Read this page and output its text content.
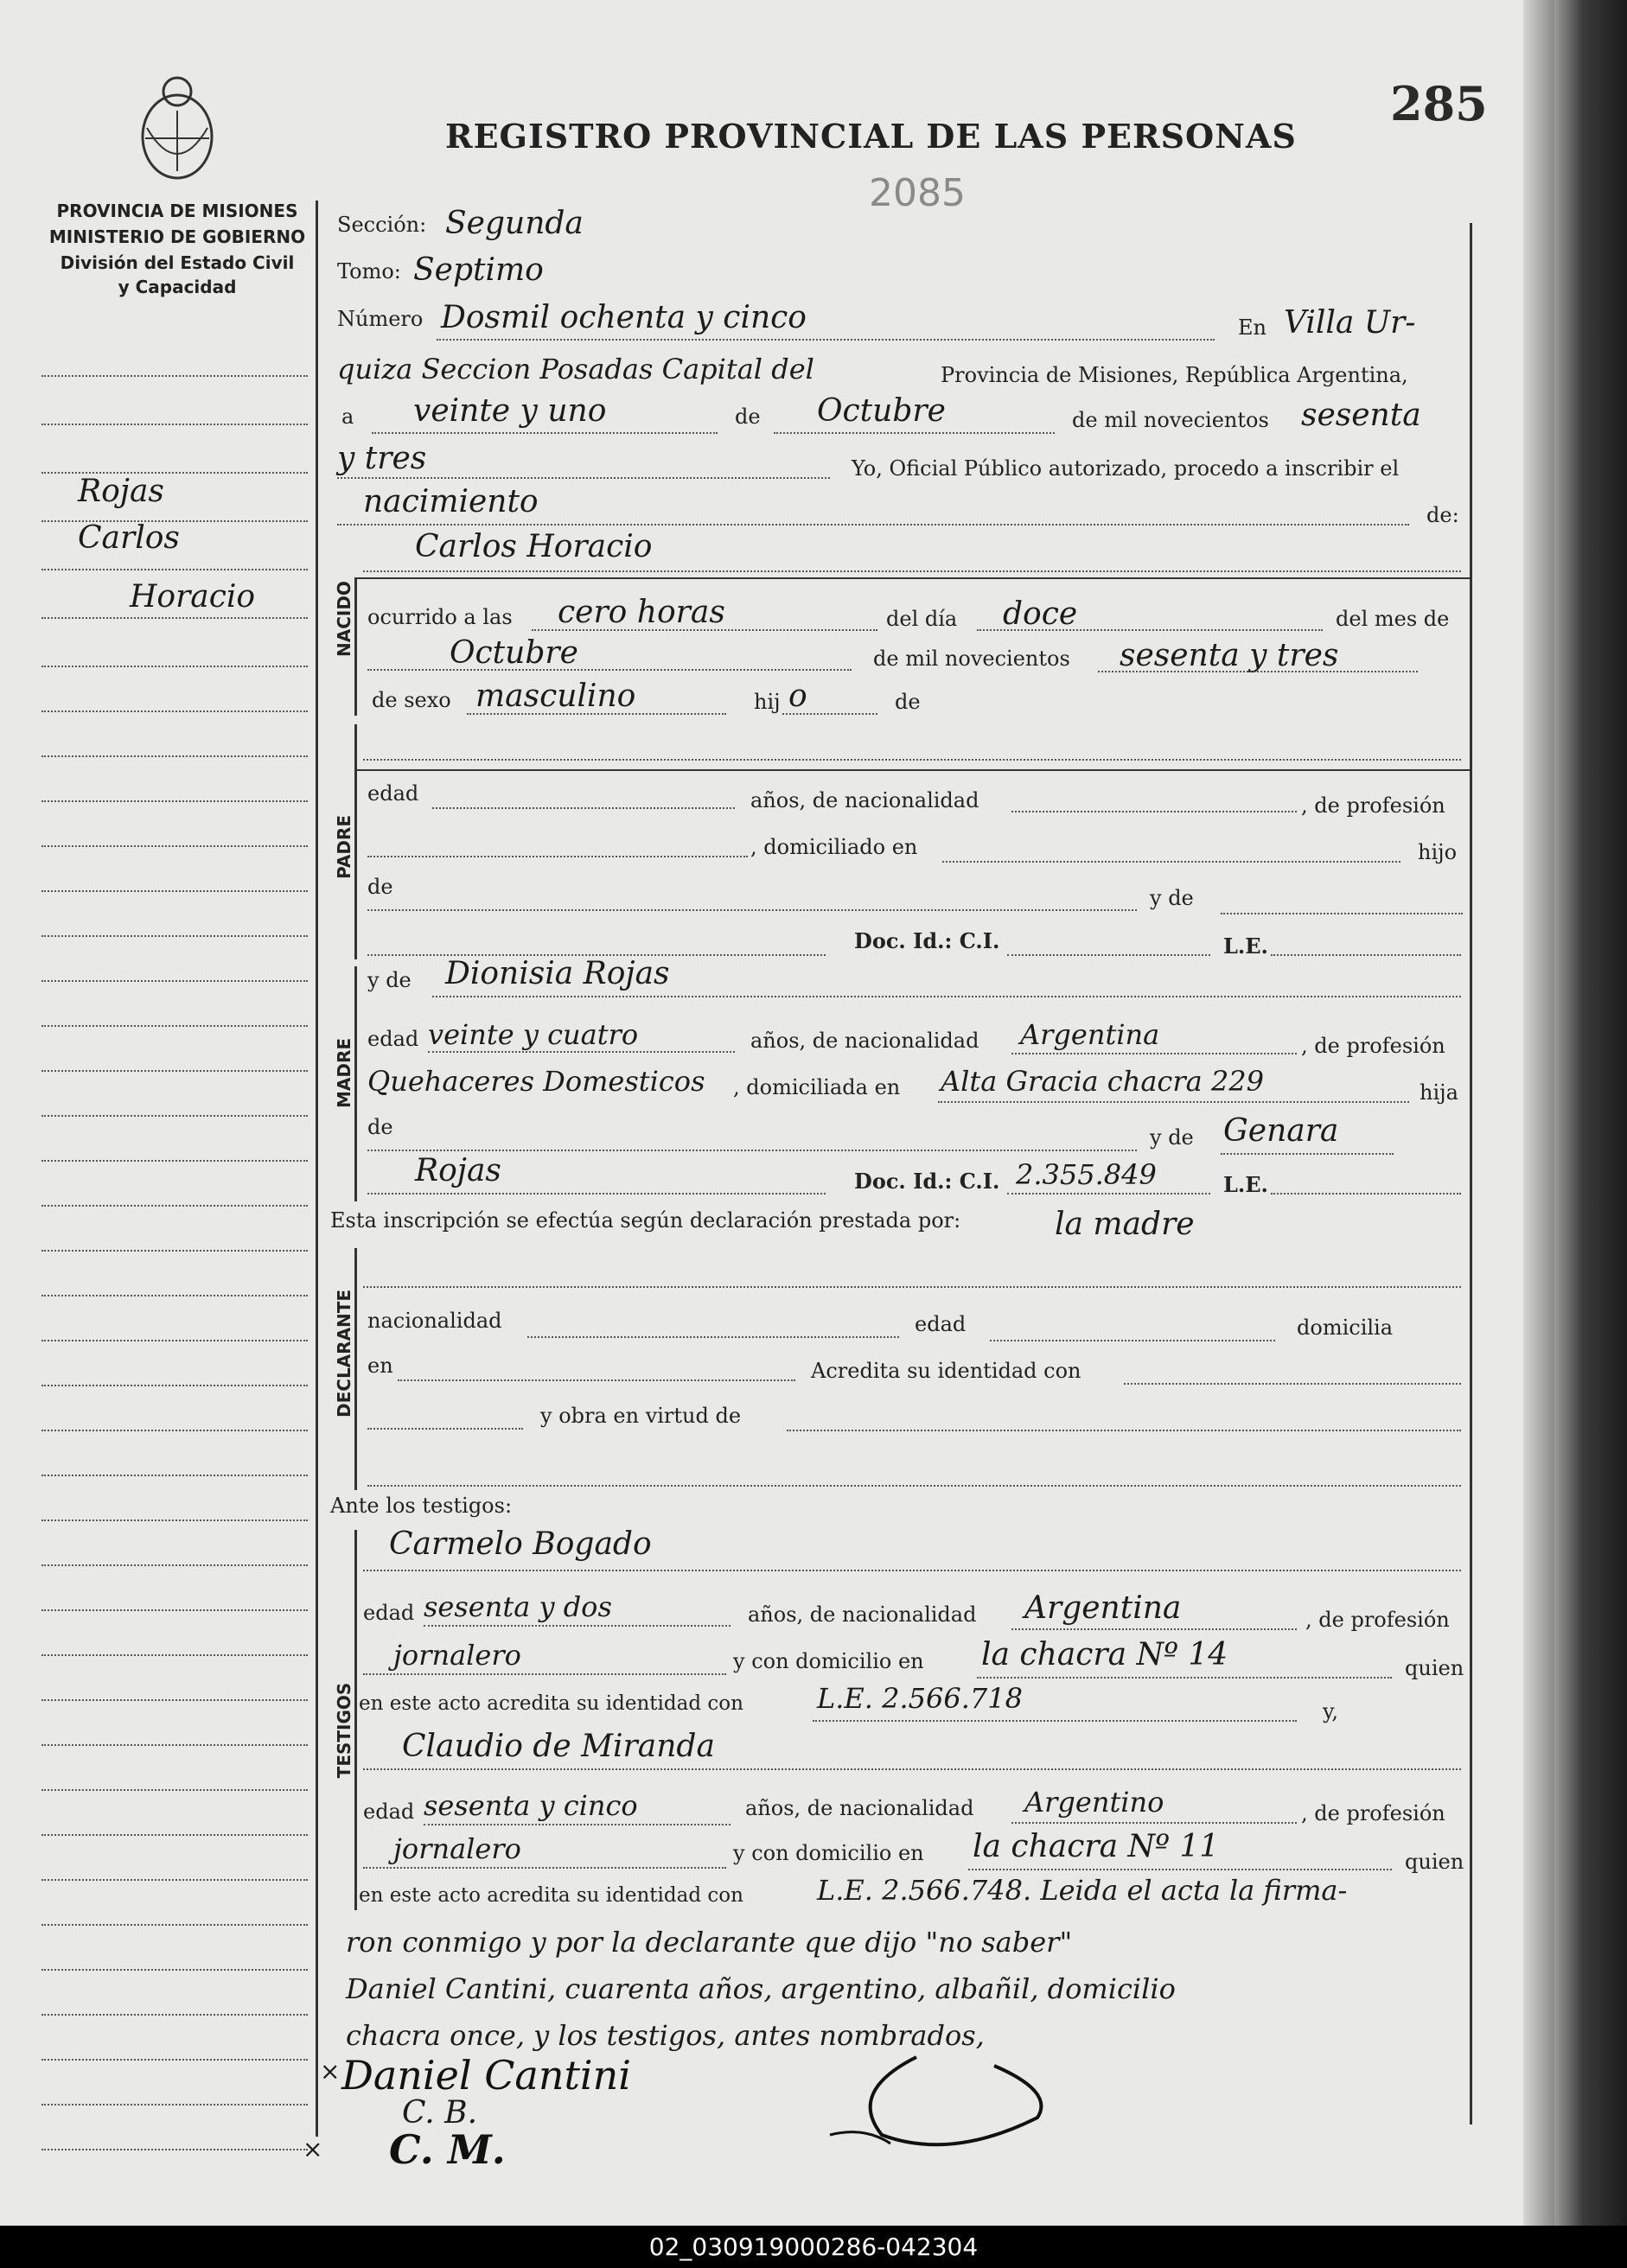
PROVINCIA DE MISIONES
MINISTERIO DE GOBIERNO
División del Estado Civil
y Capacidad
REGISTRO PROVINCIAL DE LAS PERSONAS
285
2085
Rojas
Carlos
Horacio
Sección: Segunda
Tomo: Septimo
Número Dosmil ochenta y cinco	En Villa Ur-
quiza Seccion Posadas Capital del	Provincia de Misiones, República Argentina,
a veinte y uno	de Octubre	de mil novecientos sesenta
y tres	Yo, Oficial Público autorizado, procedo a inscribir el
nacimiento	de:
NACIDO
Carlos Horacio
ocurrido a las cero horas	del día doce	del mes de
Octubre	de mil novecientos sesenta y tres
de sexo masculino	hij o	de
PADRE
edad	años, de nacionalidad	, de profesión
, domiciliado en	hijo
de	y de
Doc. Id.: C.I.	L.E.
MADRE
y de Dionisia Rojas
edad veinte y cuatro	años, de nacionalidad Argentina	, de profesión
Quehaceres Domesticos , domiciliada en Alta Gracia chacra 229	hija
de	y de Genara
Rojas	Doc. Id.: C.I. 2.355.849	L.E.
Esta inscripción se efectúa según declaración prestada por:	la madre
DECLARANTE nacionalidad	edad	domicilia
en	Acredita su identidad con
y obra en virtud de
Ante los testigos:
TESTIGOS
Carmelo Bogado
edad sesenta y dos	años, de nacionalidad Argentina	, de profesión
jornalero	y con domicilio en la chacra Nº 14	quien
en este acto acredita su identidad con	L.E. 2.566.718	y,
Claudio de Miranda
edad sesenta y cinco	años, de nacionalidad Argentino	, de profesión
jornalero	y con domicilio en la chacra Nº 11	quien
en este acto acredita su identidad con	L.E. 2.566.748. Leida el acta la firma-
ron conmigo y por la declarante que dijo "no saber"
Daniel Cantini, cuarenta años, argentino, albañil, domicilio
chacra once, y los testigos, antes nombrados,
Daniel Cantini
C. B.
C. M.
×
×
02_030919000286-042304
